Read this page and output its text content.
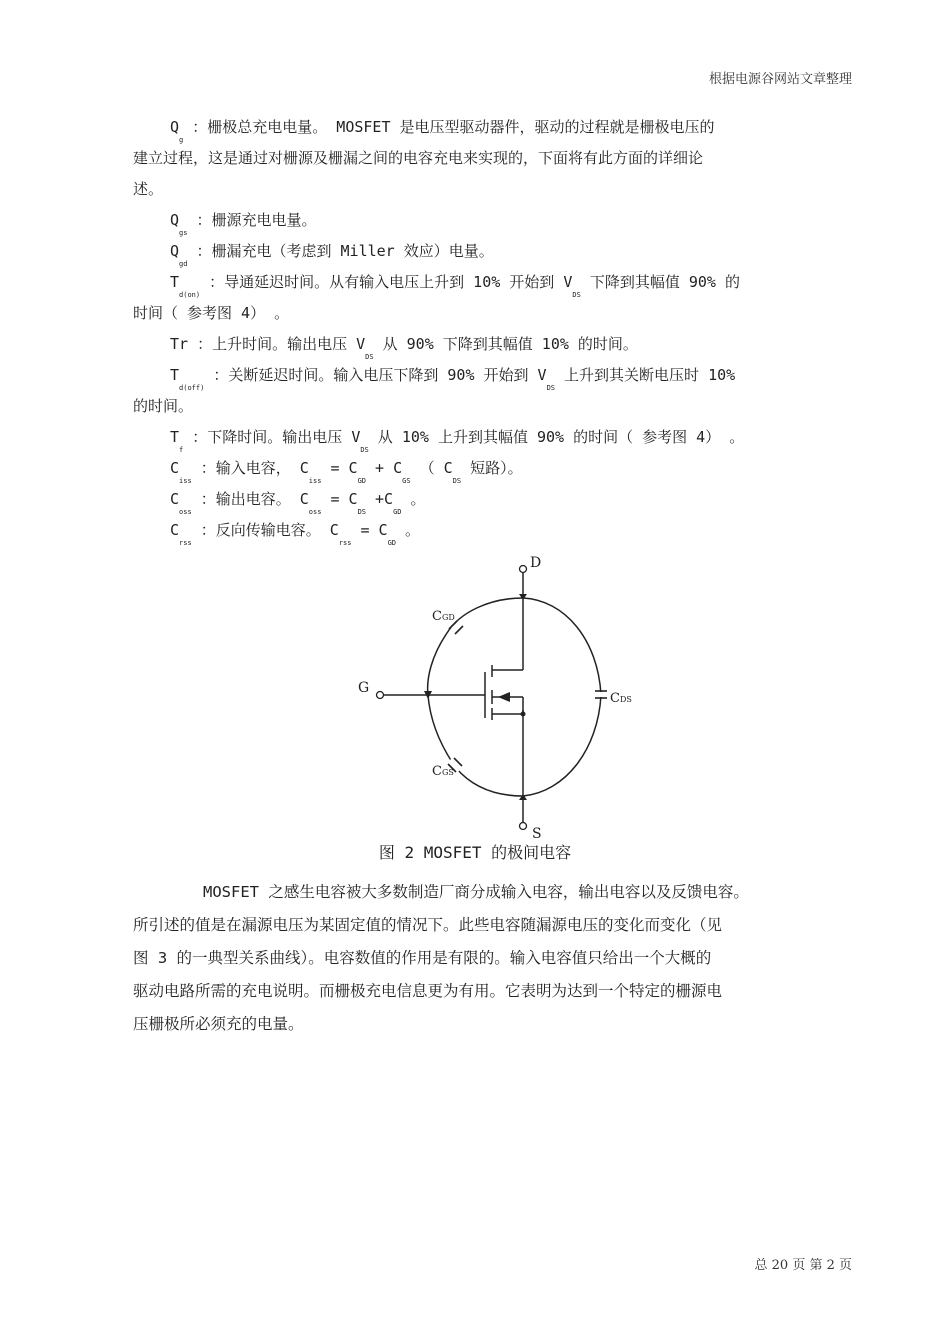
根据电源谷网站文章整理
$Q_g$ ：栅极总充电电量。 MOSFET 是电压型驱动器件，驱动的过程就是栅极电压的
建立过程，这是通过对栅源及栅漏之间的电容充电来实现的，下面将有此方面的详细论
述。
$Q_{gs}$ ：栅源充电电量。
$Q_{gd}$ ：栅漏充电（考虑到 Miller 效应）电量。
$T_{d(on)}$ ：导通延迟时间。从有输入电压上升到 10% 开始到 $V_{DS}$ 下降到其幅值 90% 的
时间（ 参考图 4） 。
Tr ：上升时间。输出电压 $V_{DS}$ 从 90% 下降到其幅值 10% 的时间。
$T_{d(off)}$ ：关断延迟时间。输入电压下降到 90% 开始到 $V_{DS}$ 上升到其关断电压时 10%
的时间。
$T_f$ ：下降时间。输出电压 $V_{DS}$ 从 10% 上升到其幅值 90% 的时间（ 参考图 4） 。
$C_{iss}$ ：输入电容， $C_{iss} = C_{GD} + C_{GS}$ （ $C_{DS}$ 短路）。
$C_{oss}$ ：输出电容。 $C_{oss} = C_{DS} +C_{GD}$ 。
$C_{rss}$ ：反向传输电容。 $C_{rss} = C_{GD}$ 。
D
S
G
CGD
CDS
CGS
图 2 MOSFET 的极间电容
MOSFET 之感生电容被大多数制造厂商分成输入电容，输出电容以及反馈电容。
所引述的值是在漏源电压为某固定值的情况下。此些电容随漏源电压的变化而变化（见
图 3 的一典型关系曲线）。电容数值的作用是有限的。输入电容值只给出一个大概的
驱动电路所需的充电说明。而栅极充电信息更为有用。它表明为达到一个特定的栅源电
压栅极所必须充的电量。
总 20 页 第 2 页
